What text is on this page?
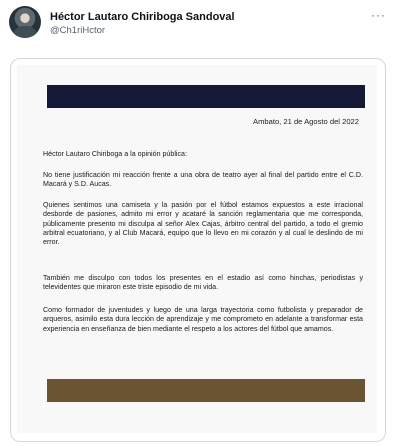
Héctor Lautaro Chiriboga Sandoval
@Ch1riHctor
···
Ambato, 21 de Agosto del 2022
Héctor Lautaro Chiriboga a la opinión pública:
No tiene justificación mi reacción frente a una obra de teatro ayer al final del partido entre el C.D. Macará y S.D. Aucas.
Quienes sentimos una camiseta y la pasión por el fútbol estamos expuestos a este irracional desborde de pasiones, admito mi error y acataré la sanción reglamentaria que me corresponda, públicamente presento mi disculpa al señor Alex Cajas, árbitro central del partido, a todo el gremio arbitral ecuatoriano, y al Club Macará, equipo que lo llevo en mi corazón y al cual le deslindo de mi error.
También me disculpo con todos los presentes en el estadio así como hinchas, periodistas y televidentes que miraron este triste episodio de mi vida.
Como formador de juventudes y luego de una larga trayectoria como futbolista y preparador de arqueros, asimilo esta dura lección de aprendizaje y me comprometo en adelante a transformar esta experiencia en enseñanza de bien mediante el respeto a los actores del fútbol que amamos.
